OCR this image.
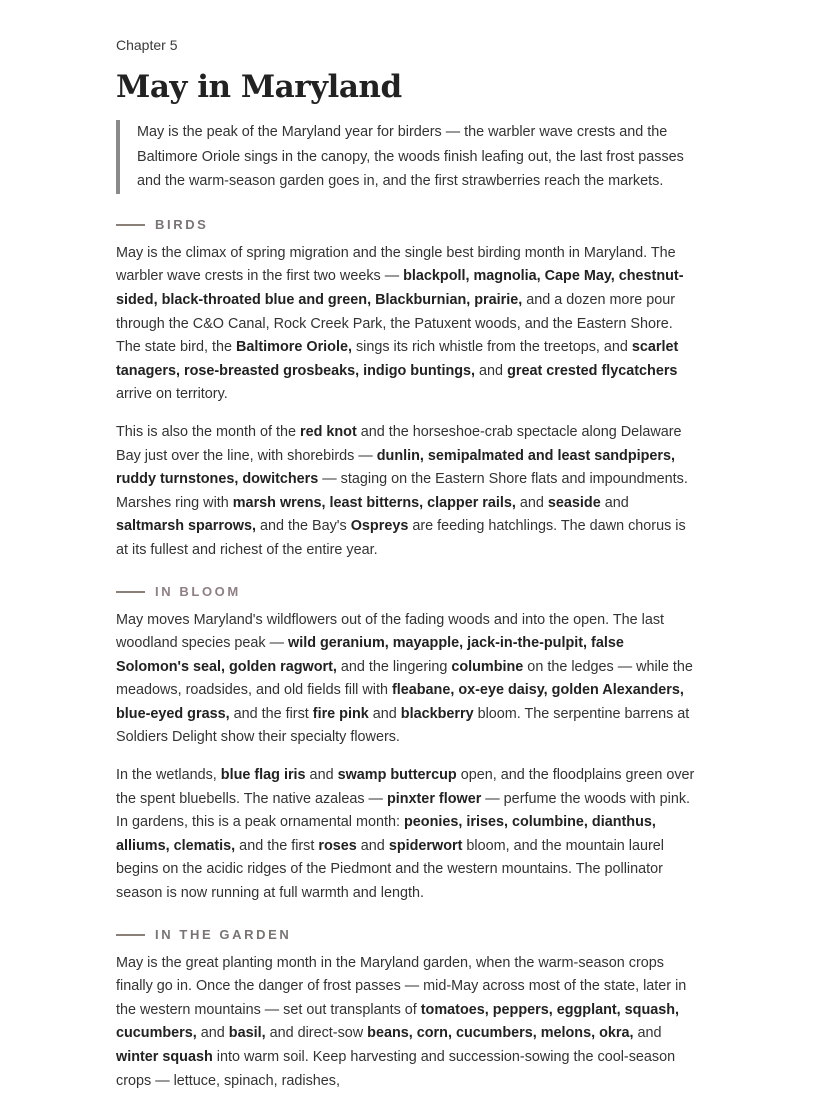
Chapter 5
May in Maryland
May is the peak of the Maryland year for birders — the warbler wave crests and the Baltimore Oriole sings in the canopy, the woods finish leafing out, the last frost passes and the warm-season garden goes in, and the first strawberries reach the markets.
BIRDS

May is the climax of spring migration and the single best birding month in Maryland. The warbler wave crests in the first two weeks — blackpoll, magnolia, Cape May, chestnut-sided, black-throated blue and green, Blackburnian, prairie, and a dozen more pour through the C&O Canal, Rock Creek Park, the Patuxent woods, and the Eastern Shore. The state bird, the Baltimore Oriole, sings its rich whistle from the treetops, and scarlet tanagers, rose-breasted grosbeaks, indigo buntings, and great crested flycatchers arrive on territory.

This is also the month of the red knot and the horseshoe-crab spectacle along Delaware Bay just over the line, with shorebirds — dunlin, semipalmated and least sandpipers, ruddy turnstones, dowitchers — staging on the Eastern Shore flats and impoundments. Marshes ring with marsh wrens, least bitterns, clapper rails, and seaside and saltmarsh sparrows, and the Bay's Ospreys are feeding hatchlings. The dawn chorus is at its fullest and richest of the entire year.

IN BLOOM

May moves Maryland's wildflowers out of the fading woods and into the open. The last woodland species peak — wild geranium, mayapple, jack-in-the-pulpit, false Solomon's seal, golden ragwort, and the lingering columbine on the ledges — while the meadows, roadsides, and old fields fill with fleabane, ox-eye daisy, golden Alexanders, blue-eyed grass, and the first fire pink and blackberry bloom. The serpentine barrens at Soldiers Delight show their specialty flowers.

In the wetlands, blue flag iris and swamp buttercup open, and the floodplains green over the spent bluebells. The native azaleas — pinxter flower — perfume the woods with pink. In gardens, this is a peak ornamental month: peonies, irises, columbine, dianthus, alliums, clematis, and the first roses and spiderwort bloom, and the mountain laurel begins on the acidic ridges of the Piedmont and the western mountains. The pollinator season is now running at full warmth and length.

IN THE GARDEN

May is the great planting month in the Maryland garden, when the warm-season crops finally go in. Once the danger of frost passes — mid-May across most of the state, later in the western mountains — set out transplants of tomatoes, peppers, eggplant, squash, cucumbers, and basil, and direct-sow beans, corn, cucumbers, melons, okra, and winter squash into warm soil. Keep harvesting and succession-sowing the cool-season crops — lettuce, spinach, radishes,
